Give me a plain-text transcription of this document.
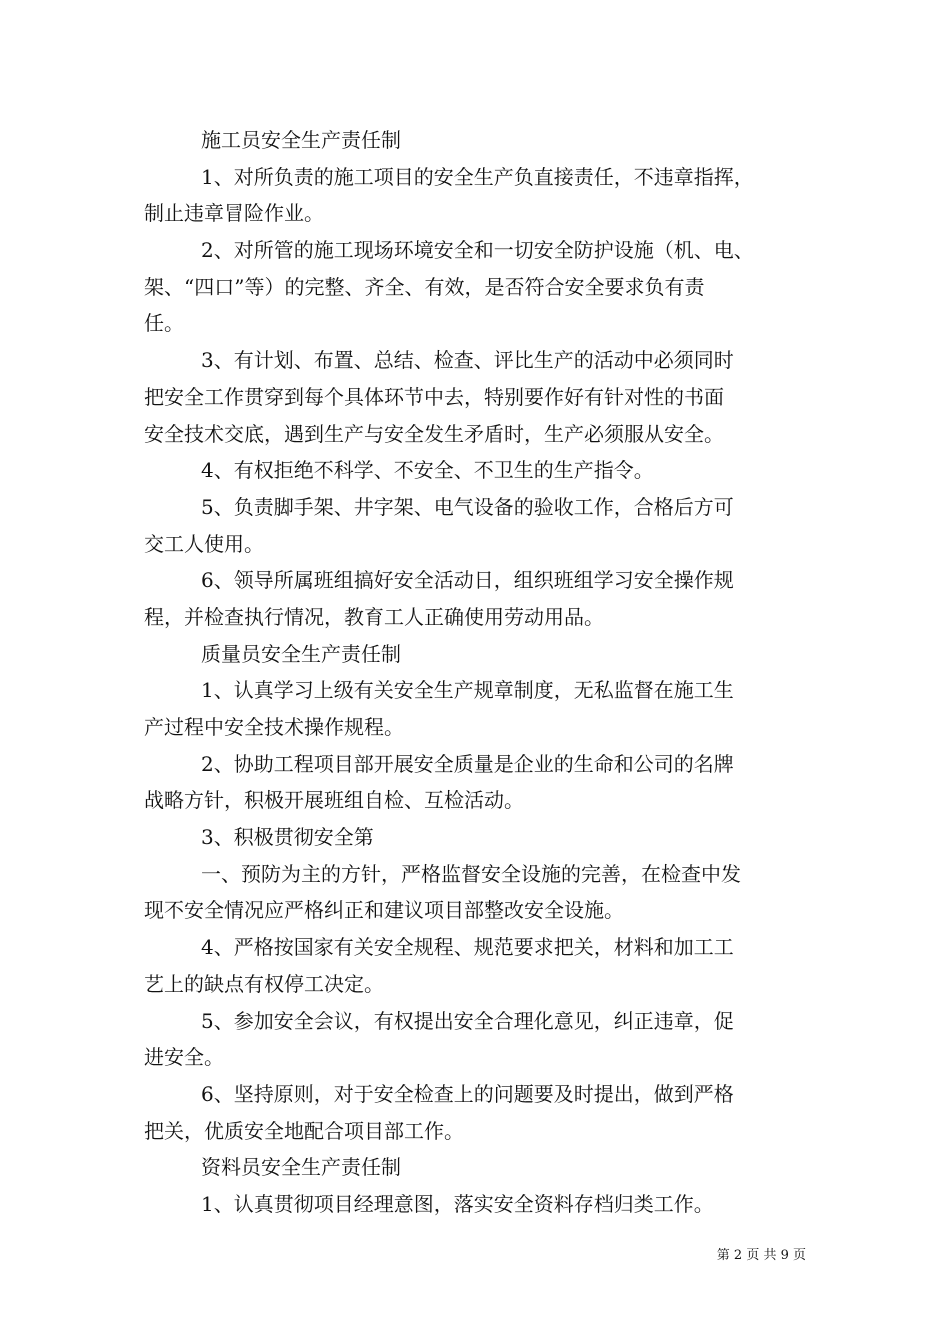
施工员安全生产责任制
1、对所负责的施工项目的安全生产负直接责任，不违章指挥，
制止违章冒险作业。
2、对所管的施工现场环境安全和一切安全防护设施（机、电、
架、“四口”等）的完整、齐全、有效，是否符合安全要求负有责
任。
3、有计划、布置、总结、检查、评比生产的活动中必须同时
把安全工作贯穿到每个具体环节中去，特别要作好有针对性的书面
安全技术交底，遇到生产与安全发生矛盾时，生产必须服从安全。
4、有权拒绝不科学、不安全、不卫生的生产指令。
5、负责脚手架、井字架、电气设备的验收工作，合格后方可
交工人使用。
6、领导所属班组搞好安全活动日，组织班组学习安全操作规
程，并检查执行情况，教育工人正确使用劳动用品。
质量员安全生产责任制
1、认真学习上级有关安全生产规章制度，无私监督在施工生
产过程中安全技术操作规程。
2、协助工程项目部开展安全质量是企业的生命和公司的名牌
战略方针，积极开展班组自检、互检活动。
3、积极贯彻安全第
一、预防为主的方针，严格监督安全设施的完善，在检查中发
现不安全情况应严格纠正和建议项目部整改安全设施。
4、严格按国家有关安全规程、规范要求把关，材料和加工工
艺上的缺点有权停工决定。
5、参加安全会议，有权提出安全合理化意见，纠正违章，促
进安全。
6、坚持原则，对于安全检查上的问题要及时提出，做到严格
把关，优质安全地配合项目部工作。
资料员安全生产责任制
1、认真贯彻项目经理意图，落实安全资料存档归类工作。
第 2 页 共 9 页
